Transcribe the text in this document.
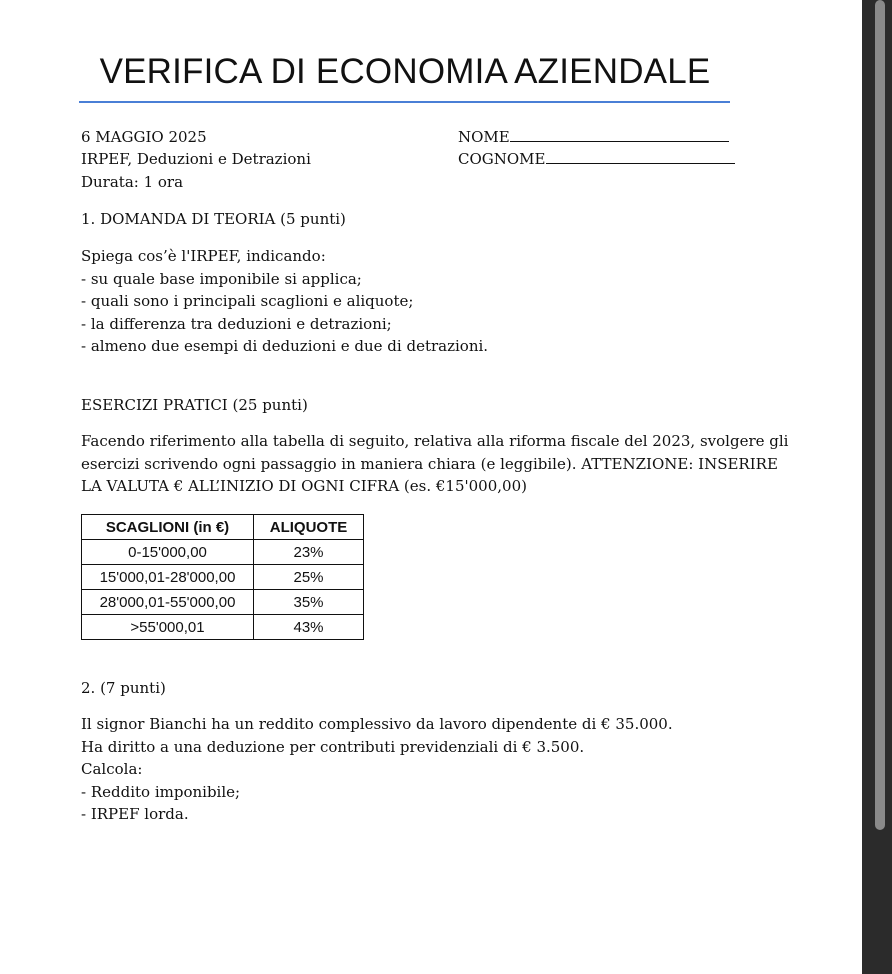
VERIFICA DI ECONOMIA AZIENDALE
6 MAGGIO 2025
IRPEF, Deduzioni e Detrazioni
Durata: 1 ora
NOME
COGNOME
1. DOMANDA DI TEORIA (5 punti)
Spiega cos’è l'IRPEF, indicando:
- su quale base imponibile si applica;
- quali sono i principali scaglioni e aliquote;
- la differenza tra deduzioni e detrazioni;
- almeno due esempi di deduzioni e due di detrazioni.
ESERCIZI PRATICI (25 punti)
Facendo riferimento alla tabella di seguito, relativa alla riforma fiscale del 2023, svolgere gli
esercizi scrivendo ogni passaggio in maniera chiara (e leggibile). ATTENZIONE: INSERIRE
LA VALUTA € ALL’INIZIO DI OGNI CIFRA (es. €15'000,00)
SCAGLIONI (in €)	ALIQUOTE
0-15'000,00	23%
15'000,01-28'000,00	25%
28'000,01-55'000,00	35%
>55'000,01	43%
2. (7 punti)
Il signor Bianchi ha un reddito complessivo da lavoro dipendente di € 35.000.
Ha diritto a una deduzione per contributi previdenziali di € 3.500.
Calcola:
- Reddito imponibile;
- IRPEF lorda.
